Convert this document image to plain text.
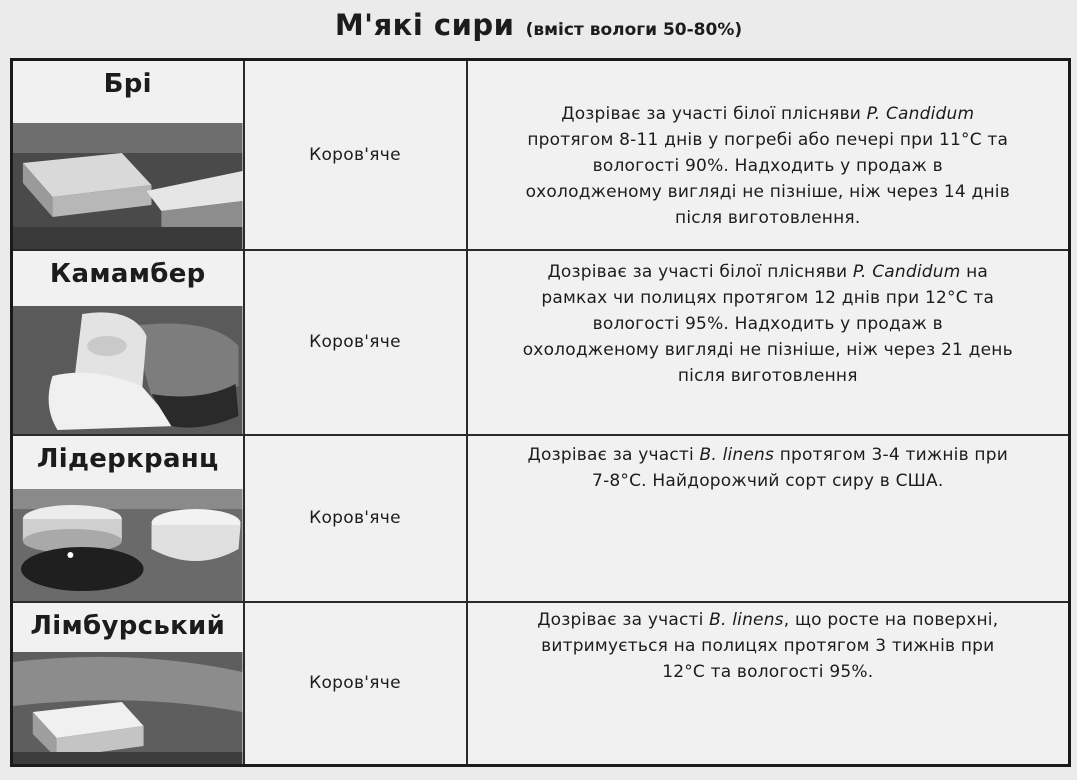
М'які сири (вміст вологи 50-80%)
Брі	Коров'яче	Дозріває за участі білої плісняви P. Candidum
протягом 8-11 днів у погребі або печері при 11°С та
вологості 90%. Надходить у продаж в
охолодженому вигляді не пізніше, ніж через 14 днів
після виготовлення.

Камамбер	Коров'яче	Дозріває за участі білої плісняви P. Candidum на
рамках чи полицях протягом 12 днів при 12°С та
вологості 95%. Надходить у продаж в
охолодженому вигляді не пізніше, ніж через 21 день
після виготовлення

Лідеркранц	Коров'яче	Дозріває за участі B. linens протягом 3-4 тижнів при
7-8°С. Найдорожчий сорт сиру в США.

Лімбурський	Коров'яче	Дозріває за участі B. linens, що росте на поверхні,
витримується на полицях протягом 3 тижнів при
12°С та вологості 95%.
